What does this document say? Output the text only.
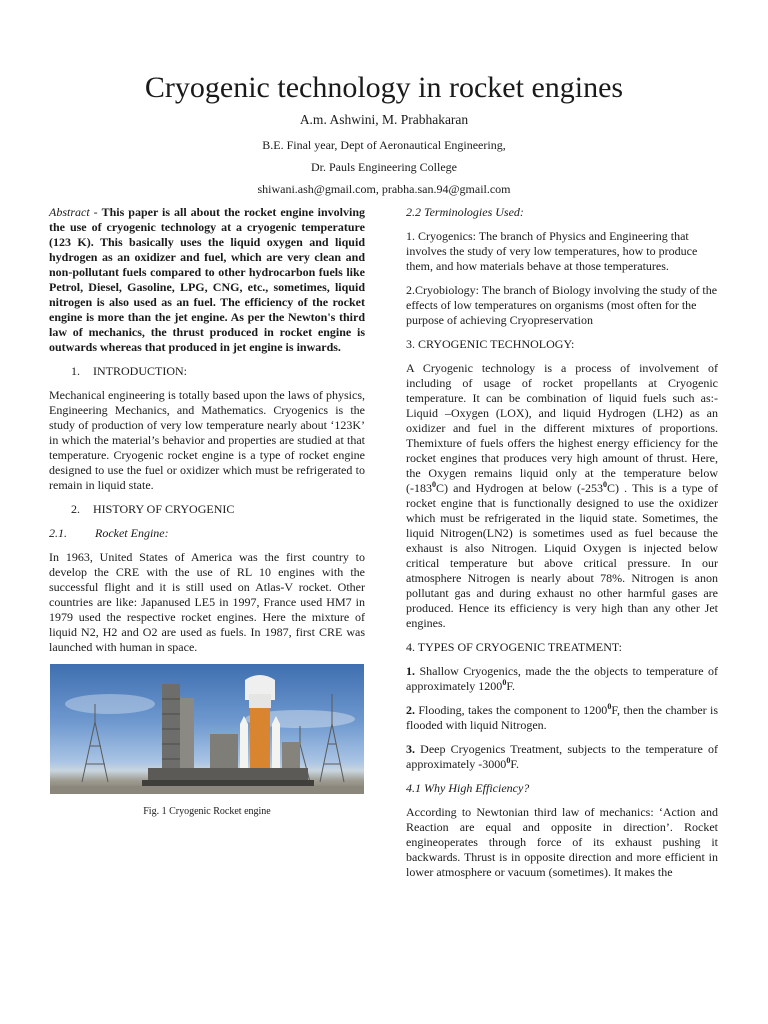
Cryogenic technology in rocket engines
A.m. Ashwini, M. Prabhakaran
B.E. Final year, Dept of Aeronautical Engineering,
Dr. Pauls Engineering College
shiwani.ash@gmail.com, prabha.san.94@gmail.com

Abstract - This paper is all about the rocket engine involving the use of cryogenic technology at a cryogenic temperature (123 K). This basically uses the liquid oxygen and liquid hydrogen as an oxidizer and fuel, which are very clean and non-pollutant fuels compared to other hydrocarbon fuels like Petrol, Diesel, Gasoline, LPG, CNG, etc., sometimes, liquid nitrogen is also used as an fuel. The efficiency of the rocket engine is more than the jet engine. As per the Newton's third law of mechanics, the thrust produced in rocket engine is outwards whereas that produced in jet engine is inwards.

1. INTRODUCTION:

Mechanical engineering is totally based upon the laws of physics, Engineering Mechanics, and Mathematics. Cryogenics is the study of production of very low temperature nearly about ‘123K’ in which the material’s behavior and properties are studied at that temperature. Cryogenic rocket engine is a type of rocket engine designed to use the fuel or oxidizer which must be refrigerated to remain in liquid state.

2. HISTORY OF CRYOGENIC

2.1.	Rocket Engine:

In 1963, United States of America was the first country to develop the CRE with the use of RL 10 engines with the successful flight and it is still used on Atlas-V rocket. Other countries are like: Japanused LE5 in 1997, France used HM7 in 1979 used the respective rocket engines. Here the mixture of liquid N2, H2 and O2 are used as fuels. In 1987, first CRE was launched with human in space.

Fig. 1 Cryogenic Rocket engine

2.2 Terminologies Used:

1. Cryogenics: The branch of Physics and Engineering that involves the study of very low temperatures, how to produce them, and how materials behave at those temperatures.

2.Cryobiology: The branch of Biology involving the study of the effects of low temperatures on organisms (most often for the purpose of achieving Cryopreservation

3. CRYOGENIC TECHNOLOGY:

A Cryogenic technology is a process of involvement of including of usage of rocket propellants at Cryogenic temperature. It can be combination of liquid fuels such as:- Liquid –Oxygen (LOX), and liquid Hydrogen (LH2) as an oxidizer and fuel in the different mixtures of proportions. Themixture of fuels offers the highest energy efficiency for the rocket engines that produces very high amount of thrust. Here, the Oxygen remains liquid only at the temperature below $(-183^0C)$ and Hydrogen at below $(-253^0C)$ . This is a type of rocket engine that is functionally designed to use the oxidizer which must be refrigerated in the liquid state. Sometimes, the liquid Nitrogen(LN2) is sometimes used as fuel because the exhaust is also Nitrogen. Liquid Oxygen is injected below critical temperature but above critical pressure. In our atmosphere Nitrogen is nearly about 78%. Nitrogen is anon pollutant gas and during exhaust no other harmful gases are produced. Hence its efficiency is very high than any other Jet engines.

4. TYPES OF CRYOGENIC TREATMENT:

1. Shallow Cryogenics, made the the objects to temperature of approximately 1200$^0$F.

2. Flooding, takes the component to 1200$^0$F, then the chamber is flooded with liquid Nitrogen.

3. Deep Cryogenics Treatment, subjects to the temperature of approximately -3000$^0$F.

4.1 Why High Efficiency?

According to Newtonian third law of mechanics: ‘Action and Reaction are equal and opposite in direction’. Rocket engineoperates through force of its exhaust pushing it backwards. Thrust is in opposite direction and more efficient in lower atmosphere or vacuum (sometimes). It makes the
